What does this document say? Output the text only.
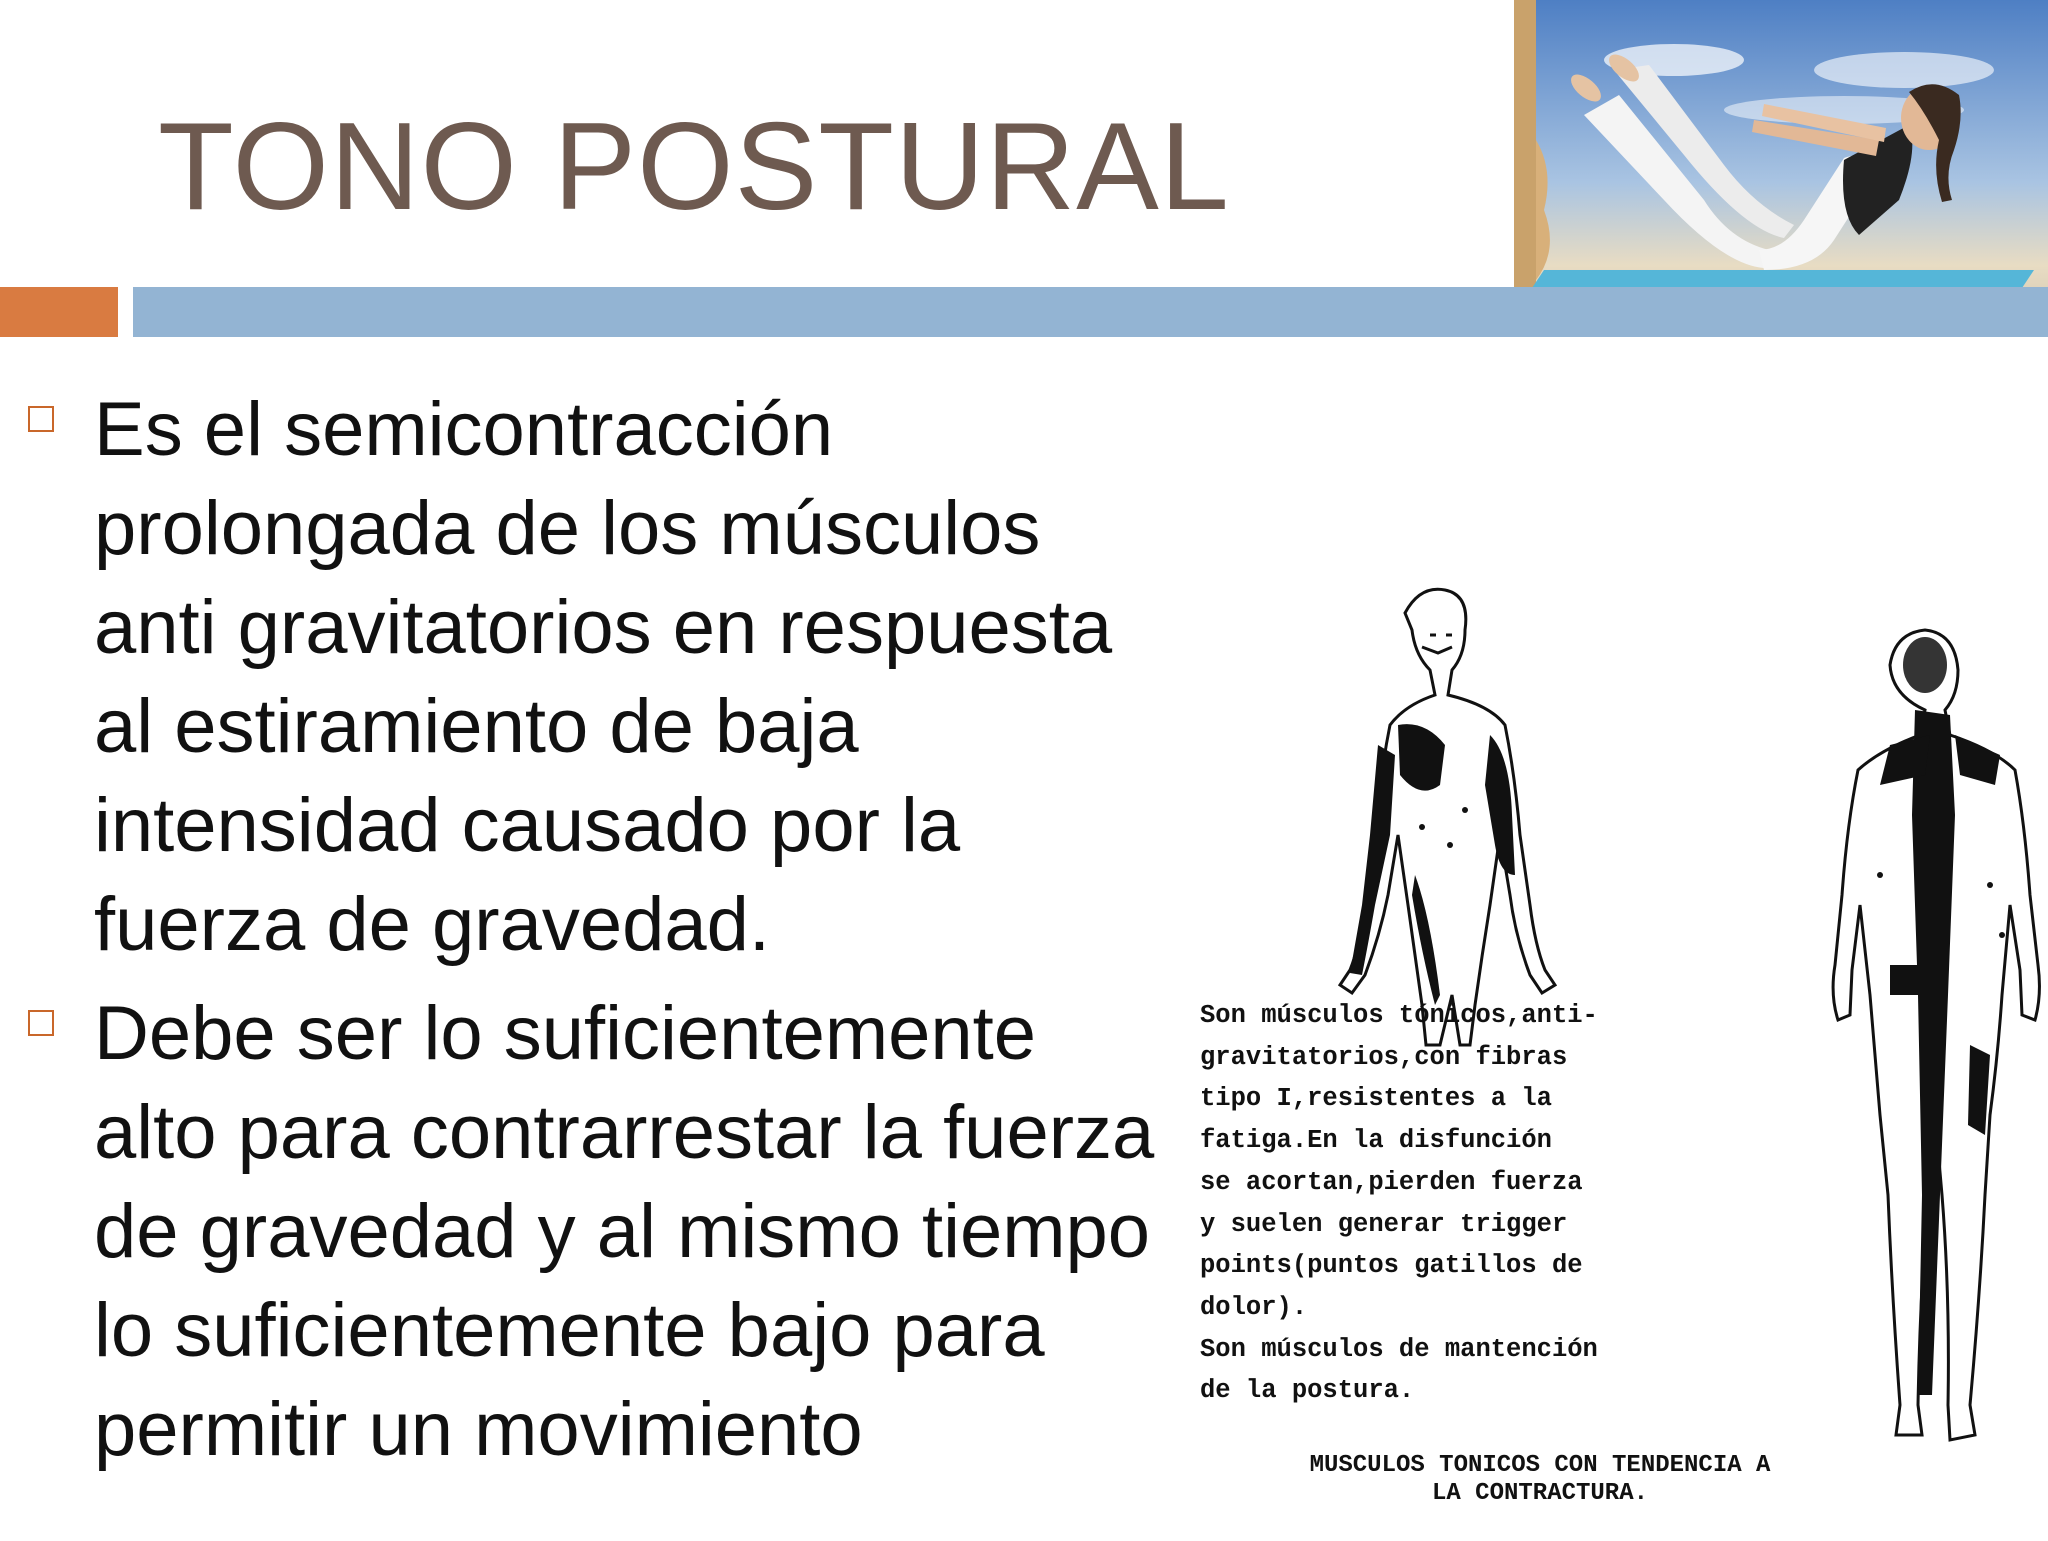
TONO POSTURAL
Es el semicontracción prolongada de los músculos anti gravitatorios en respuesta al estiramiento de baja intensidad causado por la fuerza de gravedad.
Debe ser lo suficientemente alto para contrarrestar la fuerza de gravedad y al mismo tiempo lo suficientemente bajo para permitir un movimiento
Son músculos tónicos,anti-
gravitatorios,con fibras
tipo I,resistentes a la
fatiga.En la disfunción
se acortan,pierden fuerza
y suelen generar trigger
points(puntos gatillos de
dolor).
Son músculos de mantención
de la postura.
MUSCULOS TONICOS CON TENDENCIA A
LA CONTRACTURA.
